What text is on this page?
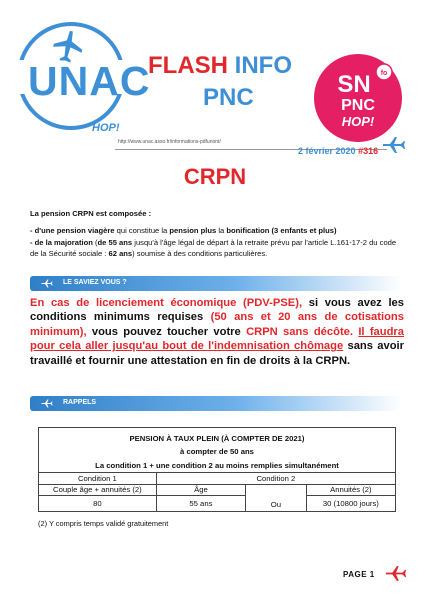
UNAC
HOP!
FLASH INFO
PNC	SN
PNC
HOP!
fo
http://www.unac.asso.fr/informations-pdfunont/
2 février 2020 #316
CRPN
La pension CRPN est composée :
- d'une pension viagère qui constitue la pension plus la bonification (3 enfants et plus)
- de la majoration (de 55 ans jusqu'à l'âge légal de départ à la retraite prévu par l'article L.161-17-2 du code de la Sécurité sociale : 62 ans) soumise à des conditions particulières.
LE SAVIEZ VOUS ?
En cas de licenciement économique (PDV-PSE), si vous avez les conditions minimums requises (50 ans et 20 ans de cotisations minimum), vous pouvez toucher votre CRPN sans décôte. Il faudra pour cela aller jusqu'au bout de l'indemnisation chômage sans avoir travaillé et fournir une attestation en fin de droits à la CRPN.
RAPPELS
PENSION À TAUX PLEIN (À COMPTER DE 2021)			
à compter de 50 ans			
La condition 1 + une condition 2 au moins remplies simultanément			
Condition 1	Condition 2		
Couple âge + annuités (2)	Âge	Ou	Annuités (2)
80	55 ans		30 (10800 jours)
(2) Y compris temps validé gratuitement
PAGE 1
